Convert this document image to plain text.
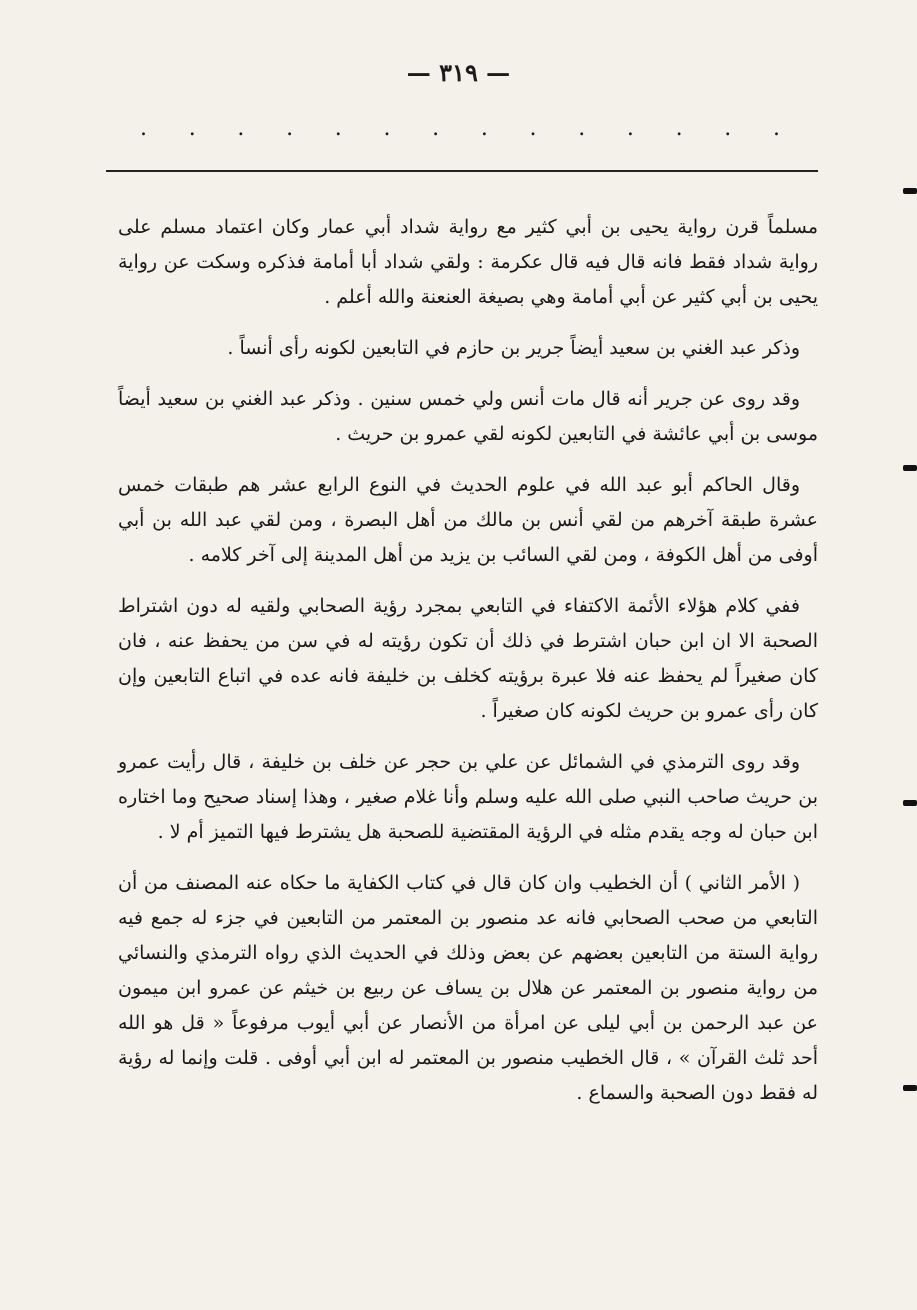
— ٣١٩ —
. . . . . . . . . . . . . .

مسلماً قرن رواية يحيى بن أبي كثير مع رواية شداد أبي عمار وكان اعتماد مسلم على رواية شداد فقط فانه قال فيه قال عكرمة : ولقي شداد أبا أمامة فذكره وسكت عن رواية يحيى بن أبي كثير عن أبي أمامة وهي بصيغة العنعنة والله أعلم .

وذكر عبد الغني بن سعيد أيضاً جرير بن حازم في التابعين لكونه رأى أنساً .

وقد روى عن جرير أنه قال مات أنس ولي خمس سنين . وذكر عبد الغني بن سعيد أيضاً موسى بن أبي عائشة في التابعين لكونه لقي عمرو بن حريث .

وقال الحاكم أبو عبد الله في علوم الحديث في النوع الرابع عشر هم طبقات خمس عشرة طبقة آخرهم من لقي أنس بن مالك من أهل البصرة ، ومن لقي عبد الله بن أبي أوفى من أهل الكوفة ، ومن لقي السائب بن يزيد من أهل المدينة إلى آخر كلامه .

ففي كلام هؤلاء الأئمة الاكتفاء في التابعي بمجرد رؤية الصحابي ولقيه له دون اشتراط الصحبة الا ان ابن حبان اشترط في ذلك أن تكون رؤيته له في سن من يحفظ عنه ، فان كان صغيراً لم يحفظ عنه فلا عبرة برؤيته كخلف بن خليفة فانه عده في اتباع التابعين وإن كان رأى عمرو بن حريث لكونه كان صغيراً .

وقد روى الترمذي في الشمائل عن علي بن حجر عن خلف بن خليفة ، قال رأيت عمرو بن حريث صاحب النبي صلى الله عليه وسلم وأنا غلام صغير ، وهذا إسناد صحيح وما اختاره ابن حبان له وجه يقدم مثله في الرؤية المقتضية للصحبة هل يشترط فيها التميز أم لا .

( الأمر الثاني ) أن الخطيب وان كان قال في كتاب الكفاية ما حكاه عنه المصنف من أن التابعي من صحب الصحابي فانه عد منصور بن المعتمر من التابعين في جزء له جمع فيه رواية الستة من التابعين بعضهم عن بعض وذلك في الحديث الذي رواه الترمذي والنسائي من رواية منصور بن المعتمر عن هلال بن يساف عن ربيع بن خيثم عن عمرو ابن ميمون عن عبد الرحمن بن أبي ليلى عن امرأة من الأنصار عن أبي أيوب مرفوعاً « قل هو الله أحد ثلث القرآن » ، قال الخطيب منصور بن المعتمر له ابن أبي أوفى . قلت وإنما له رؤية له فقط دون الصحبة والسماع .
